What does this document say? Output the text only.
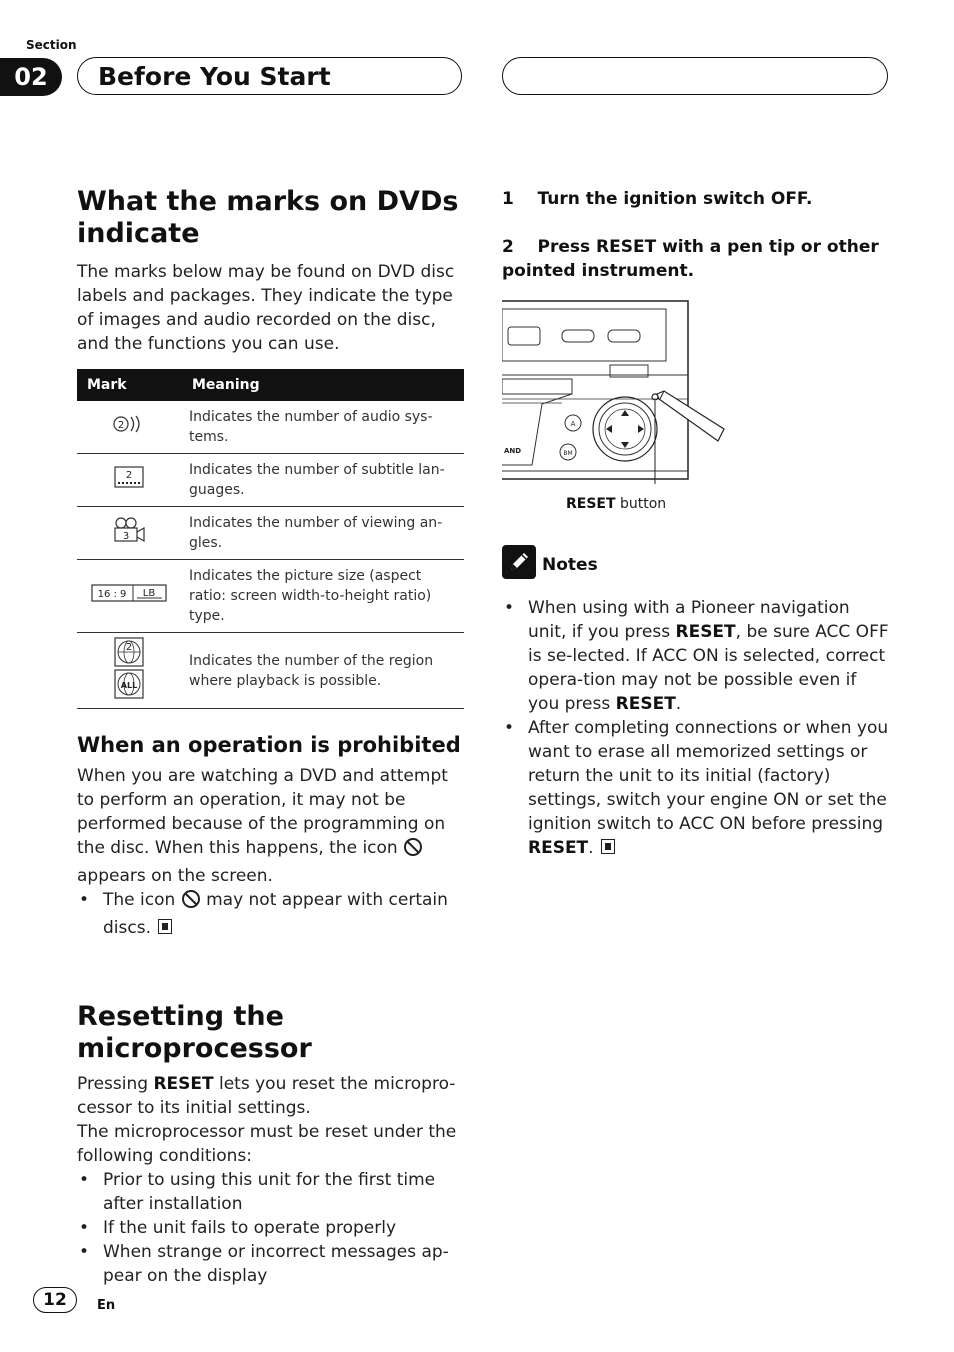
Section
02	Before You Start
What the marks on DVDs indicate

The marks below may be found on DVD disc labels and packages. They indicate the type of images and audio recorded on the disc, and the functions you can use.

Mark	Meaning

2	Indicates the number of audio sys-tems.

2	Indicates the number of subtitle lan-guages.

3	Indicates the number of viewing an-gles.

16 : 9 LB	Indicates the picture size (aspect ratio: screen width-to-height ratio) type.

2
ALL	Indicates the number of the region where playback is possible.
When an operation is prohibited

When you are watching a DVD and attempt to perform an operation, it may not be performed because of the programming on the disc. When this happens, the icon  appears on the screen.

• The icon may not appear with certain discs.
Resetting the microprocessor

Pressing RESET lets you reset the micropro-cessor to its initial settings.

The microprocessor must be reset under the following conditions:

• Prior to using this unit for the first time after installation
• If the unit fails to operate properly
• When strange or incorrect messages ap-pear on the display
1    Turn the ignition switch OFF.
2    Press RESET with a pen tip or other pointed instrument.
AND
A
BM
RESET button
Notes
• When using with a Pioneer navigation unit, if you press RESET, be sure ACC OFF is se-lected. If ACC ON is selected, correct opera-tion may not be possible even if you press RESET.
• After completing connections or when you want to erase all memorized settings or return the unit to its initial (factory) settings, switch your engine ON or set the ignition switch to ACC ON before pressing RESET.
12	En
